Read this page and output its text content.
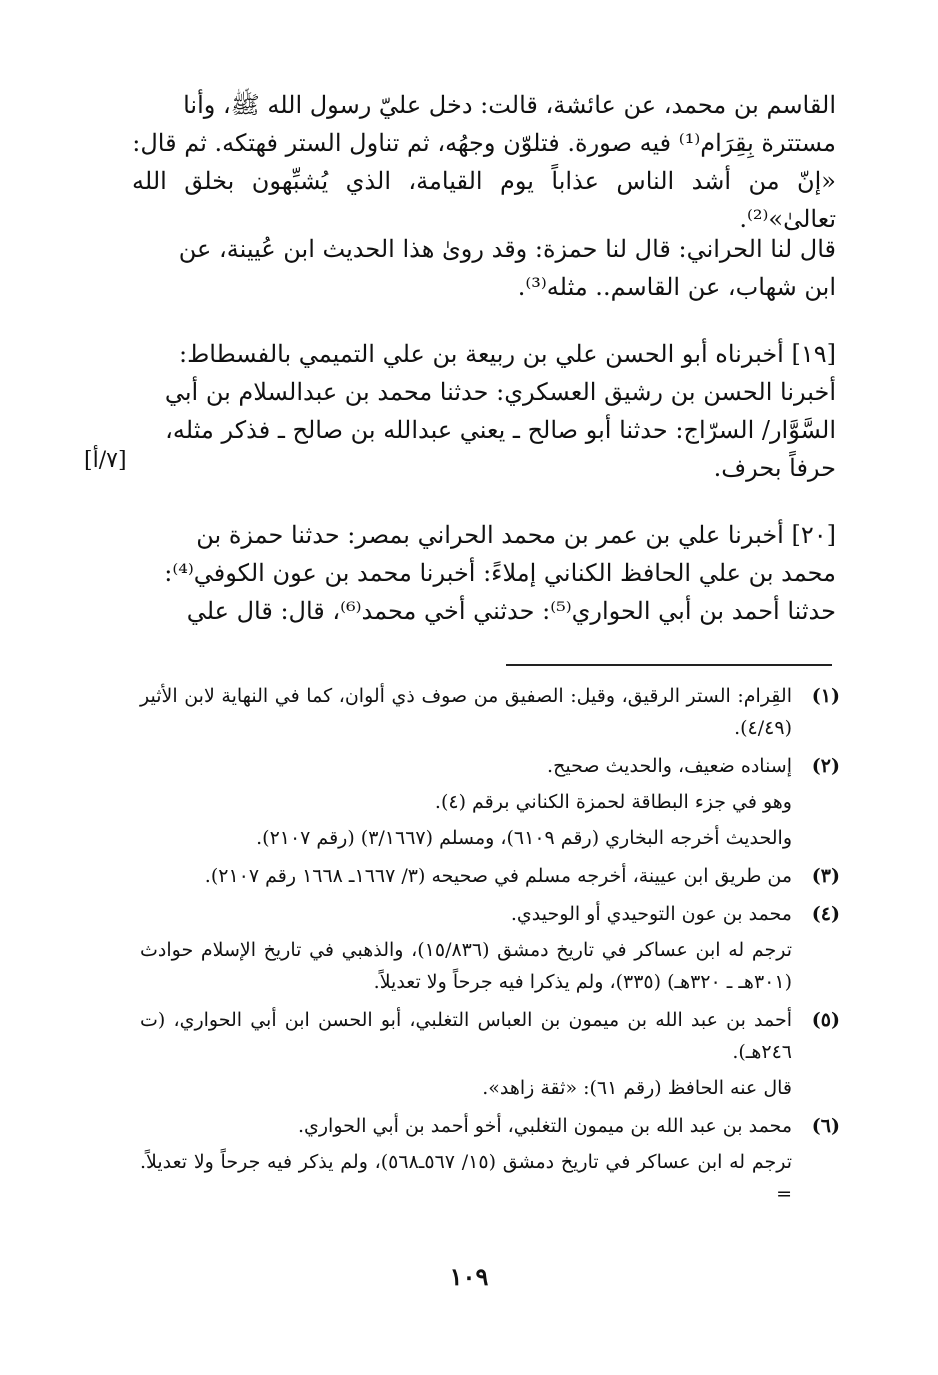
القاسم بن محمد، عن عائشة، قالت: دخل عليّ رسول الله ﷺ، وأنا

مستترة بِقِرَام⁽¹⁾ فيه صورة. فتلوّن وجهُه، ثم تناول الستر فهتكه. ثم قال:

«إنّ من أشد الناس عذاباً يوم القيامة، الذي يُشبِّهون بخلق الله تعالىٰ»⁽²⁾.

قال لنا الحراني: قال لنا حمزة: وقد روىٰ هذا الحديث ابن عُيينة، عن

ابن شهاب، عن القاسم.. مثله⁽³⁾.

[١٩] أخبرناه أبو الحسن علي بن ربيعة بن علي التميمي بالفسطاط:

أخبرنا الحسن بن رشيق العسكري: حدثنا محمد بن عبدالسلام بن أبي

السَّوَّار/ السرّاج: حدثنا أبو صالح ـ يعني عبدالله بن صالح ـ فذكر مثله،

حرفاً بحرف.

[٧/أ]

[٢٠] أخبرنا علي بن عمر بن محمد الحراني بمصر: حدثنا حمزة بن

محمد بن علي الحافظ الكناني إملاءً: أخبرنا محمد بن عون الكوفي⁽⁴⁾:

حدثنا أحمد بن أبي الحواري⁽⁵⁾: حدثني أخي محمد⁽⁶⁾، قال: قال علي

(١)
القِرام: الستر الرقيق، وقيل: الصفيق من صوف ذي ألوان، كما في النهاية لابن الأثير (٤/٤٩).
(٢)
إسناده ضعيف، والحديث صحيح.
وهو في جزء البطاقة لحمزة الكناني برقم (٤).
والحديث أخرجه البخاري (رقم ٦١٠٩)، ومسلم (٣/١٦٦٧) (رقم ٢١٠٧).
(٣)
من طريق ابن عيينة، أخرجه مسلم في صحيحه (٣/ ١٦٦٧ـ ١٦٦٨ رقم ٢١٠٧).
(٤)
محمد بن عون التوحيدي أو الوحيدي.
ترجم له ابن عساكر في تاريخ دمشق (١٥/٨٣٦)، والذهبي في تاريخ الإسلام حوادث (٣٠١هـ ـ ٣٢٠هـ) (٣٣٥)، ولم يذكرا فيه جرحاً ولا تعديلاً.
(٥)
أحمد بن عبد الله بن ميمون بن العباس التغلبي، أبو الحسن ابن أبي الحواري، (ت ٢٤٦هـ).
قال عنه الحافظ (رقم ٦١): «ثقة زاهد».
(٦)
محمد بن عبد الله بن ميمون التغلبي، أخو أحمد بن أبي الحواري.
ترجم له ابن عساكر في تاريخ دمشق (١٥/ ٥٦٧ـ٥٦٨)، ولم يذكر فيه جرحاً ولا تعديلاً. =
١٠٩
